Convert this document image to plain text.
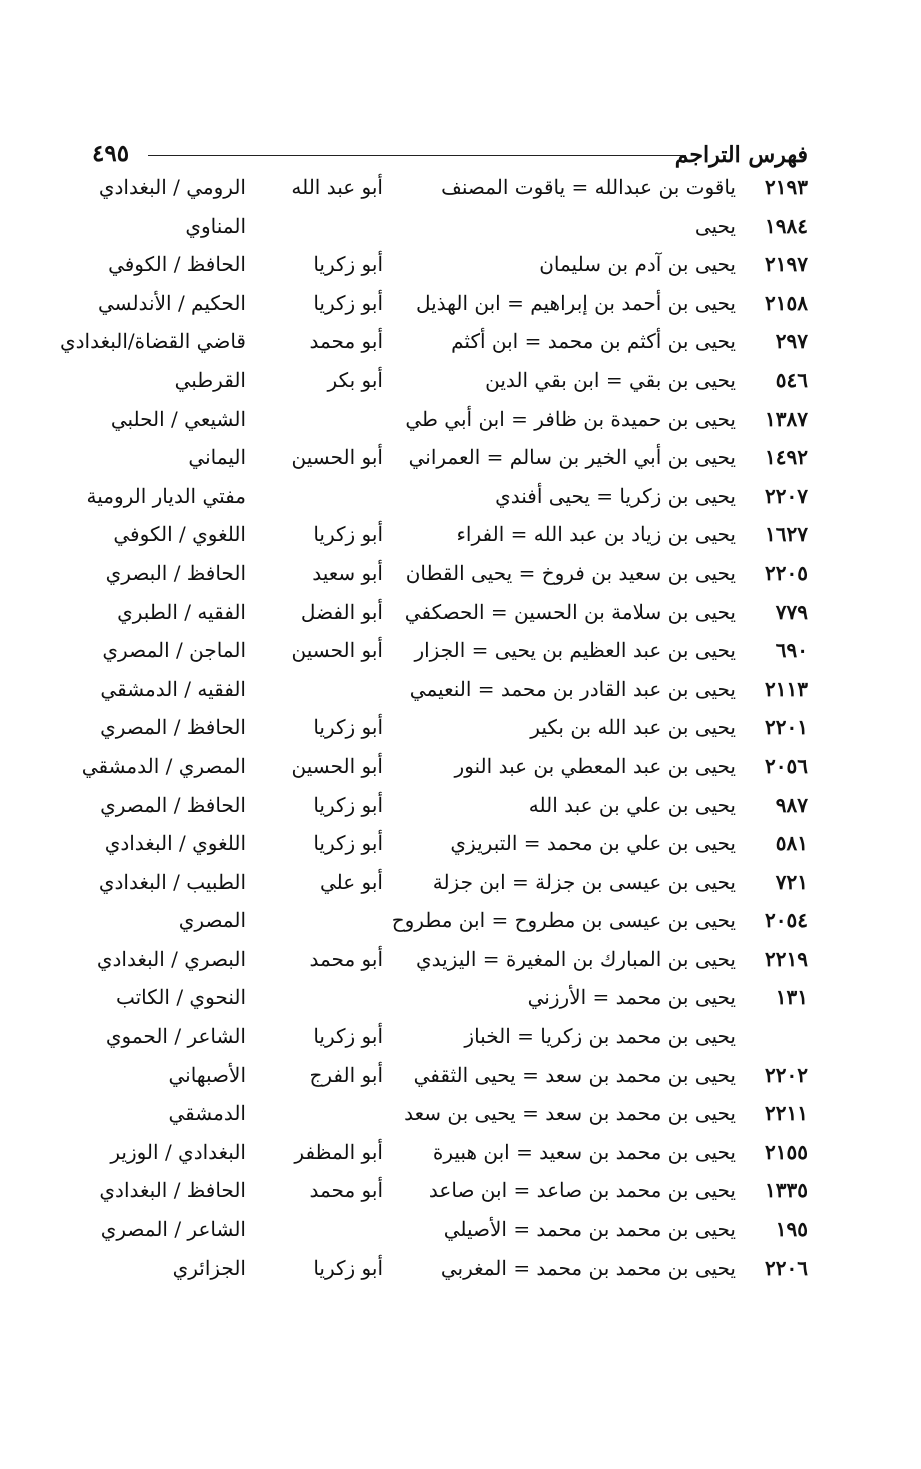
فهرس التراجم
٤٩٥
٢١٩٣
ياقوت بن عبدالله = ياقوت المصنف
أبو عبد الله
الرومي / البغدادي
١٩٨٤
يحيى
المناوي
٢١٩٧
يحيى بن آدم بن سليمان
أبو زكريا
الحافظ / الكوفي
٢١٥٨
يحيى بن أحمد بن إبراهيم = ابن الهذيل
أبو زكريا
الحكيم / الأندلسي
٢٩٧
يحيى بن أكثم بن محمد = ابن أكثم
أبو محمد
قاضي القضاة/البغدادي
٥٤٦
يحيى بن بقي = ابن بقي الدين
أبو بكر
القرطبي
١٣٨٧
يحيى بن حميدة بن ظافر = ابن أبي طي
الشيعي / الحلبي
١٤٩٢
يحيى بن أبي الخير بن سالم = العمراني
أبو الحسين
اليماني
٢٢٠٧
يحيى بن زكريا = يحيى أفندي
مفتي الديار الرومية
١٦٢٧
يحيى بن زياد بن عبد الله = الفراء
أبو زكريا
اللغوي / الكوفي
٢٢٠٥
يحيى بن سعيد بن فروخ = يحيى القطان
أبو سعيد
الحافظ / البصري
٧٧٩
يحيى بن سلامة بن الحسين = الحصكفي
أبو الفضل
الفقيه / الطبري
٦٩٠
يحيى بن عبد العظيم بن يحيى = الجزار
أبو الحسين
الماجن / المصري
٢١١٣
يحيى بن عبد القادر بن محمد = النعيمي
الفقيه / الدمشقي
٢٢٠١
يحيى بن عبد الله بن بكير
أبو زكريا
الحافظ / المصري
٢٠٥٦
يحيى بن عبد المعطي بن عبد النور
أبو الحسين
المصري / الدمشقي
٩٨٧
يحيى بن علي بن عبد الله
أبو زكريا
الحافظ / المصري
٥٨١
يحيى بن علي بن محمد = التبريزي
أبو زكريا
اللغوي / البغدادي
٧٢١
يحيى بن عيسى بن جزلة = ابن جزلة
أبو علي
الطبيب / البغدادي
٢٠٥٤
يحيى بن عيسى بن مطروح = ابن مطروح
المصري
٢٢١٩
يحيى بن المبارك بن المغيرة = اليزيدي
أبو محمد
البصري / البغدادي
١٣١
يحيى بن محمد = الأرزني
النحوي / الكاتب
يحيى بن محمد بن زكريا = الخباز
أبو زكريا
الشاعر / الحموي
٢٢٠٢
يحيى بن محمد بن سعد = يحيى الثقفي
أبو الفرج
الأصبهاني
٢٢١١
يحيى بن محمد بن سعد = يحيى بن سعد
الدمشقي
٢١٥٥
يحيى بن محمد بن سعيد = ابن هبيرة
أبو المظفر
البغدادي / الوزير
١٣٣٥
يحيى بن محمد بن صاعد = ابن صاعد
أبو محمد
الحافظ / البغدادي
١٩٥
يحيى بن محمد بن محمد = الأصيلي
الشاعر / المصري
٢٢٠٦
يحيى بن محمد بن محمد = المغربي
أبو زكريا
الجزائري
